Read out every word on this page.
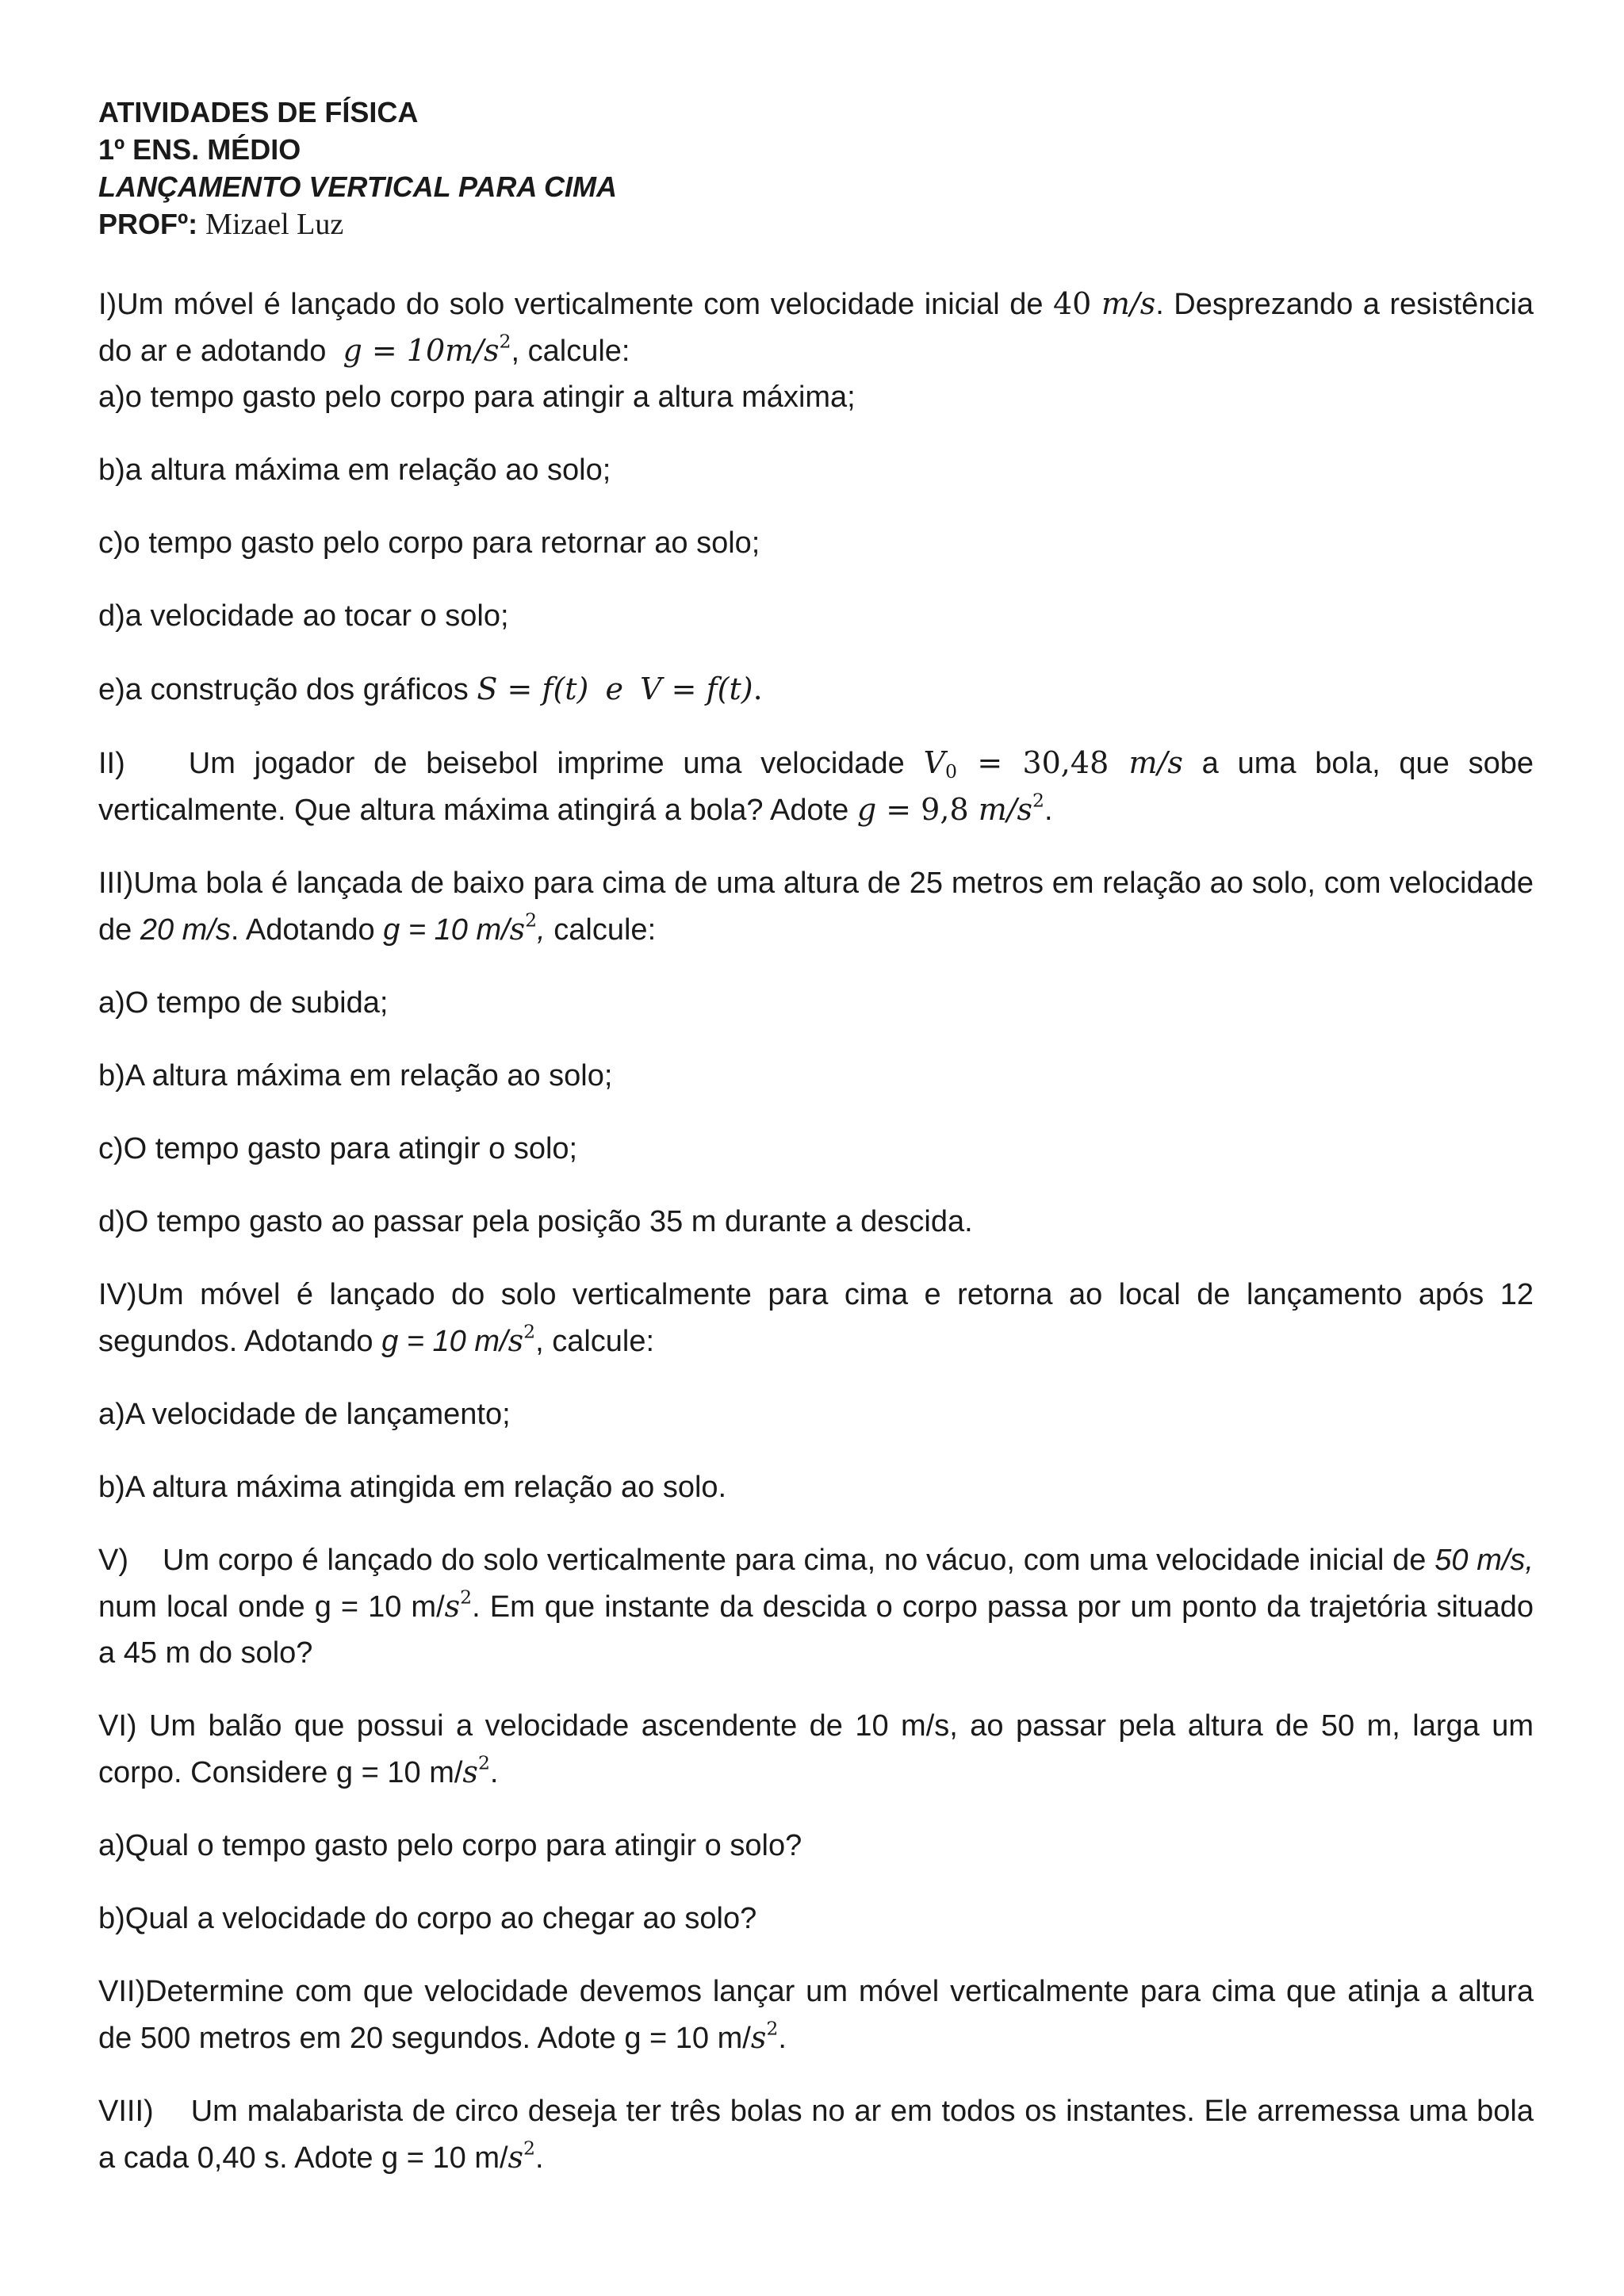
ATIVIDADES DE FÍSICA
1º ENS. MÉDIO
LANÇAMENTO VERTICAL PARA CIMA
PROFº: Mizael Luz

I)Um móvel é lançado do solo verticalmente com velocidade inicial de 40 m/s. Desprezando a resistência do ar e adotando  $g = 10m/s^2$, calcule:

a)o tempo gasto pelo corpo para atingir a altura máxima;

b)a altura máxima em relação ao solo;

c)o tempo gasto pelo corpo para retornar ao solo;

d)a velocidade ao tocar o solo;

e)a construção dos gráficos S = f(t) e V = f(t).

II) Um jogador de beisebol imprime uma velocidade $V_0 = 30,48$ m/s a uma bola, que sobe verticalmente. Que altura máxima atingirá a bola? Adote g = 9,8 $m/s^2$.

III)Uma bola é lançada de baixo para cima de uma altura de 25 metros em relação ao solo, com velocidade de 20 m/s. Adotando g = 10 $m/s^2$, calcule:

a)O tempo de subida;

b)A altura máxima em relação ao solo;

c)O tempo gasto para atingir o solo;

d)O tempo gasto ao passar pela posição 35 m durante a descida.

IV)Um móvel é lançado do solo verticalmente para cima e retorna ao local de lançamento após 12 segundos. Adotando g = 10 $m/s^2$, calcule:

a)A velocidade de lançamento;

b)A altura máxima atingida em relação ao solo.

V)    Um corpo é lançado do solo verticalmente para cima, no vácuo, com uma velocidade inicial de 50 m/s, num local onde g = 10 $m/s^2$. Em que instante da descida o corpo passa por um ponto da trajetória situado a 45 m do solo?

VI) Um balão que possui a velocidade ascendente de 10 m/s, ao passar pela altura de 50 m, larga um corpo. Considere g = 10 $m/s^2$.

a)Qual o tempo gasto pelo corpo para atingir o solo?

b)Qual a velocidade do corpo ao chegar ao solo?

VII)Determine com que velocidade devemos lançar um móvel verticalmente para cima que atinja a altura de 500 metros em 20 segundos. Adote g = 10 $m/s^2$.

VIII)    Um malabarista de circo deseja ter três bolas no ar em todos os instantes. Ele arremessa uma bola a cada 0,40 s. Adote g = 10 $m/s^2$.
